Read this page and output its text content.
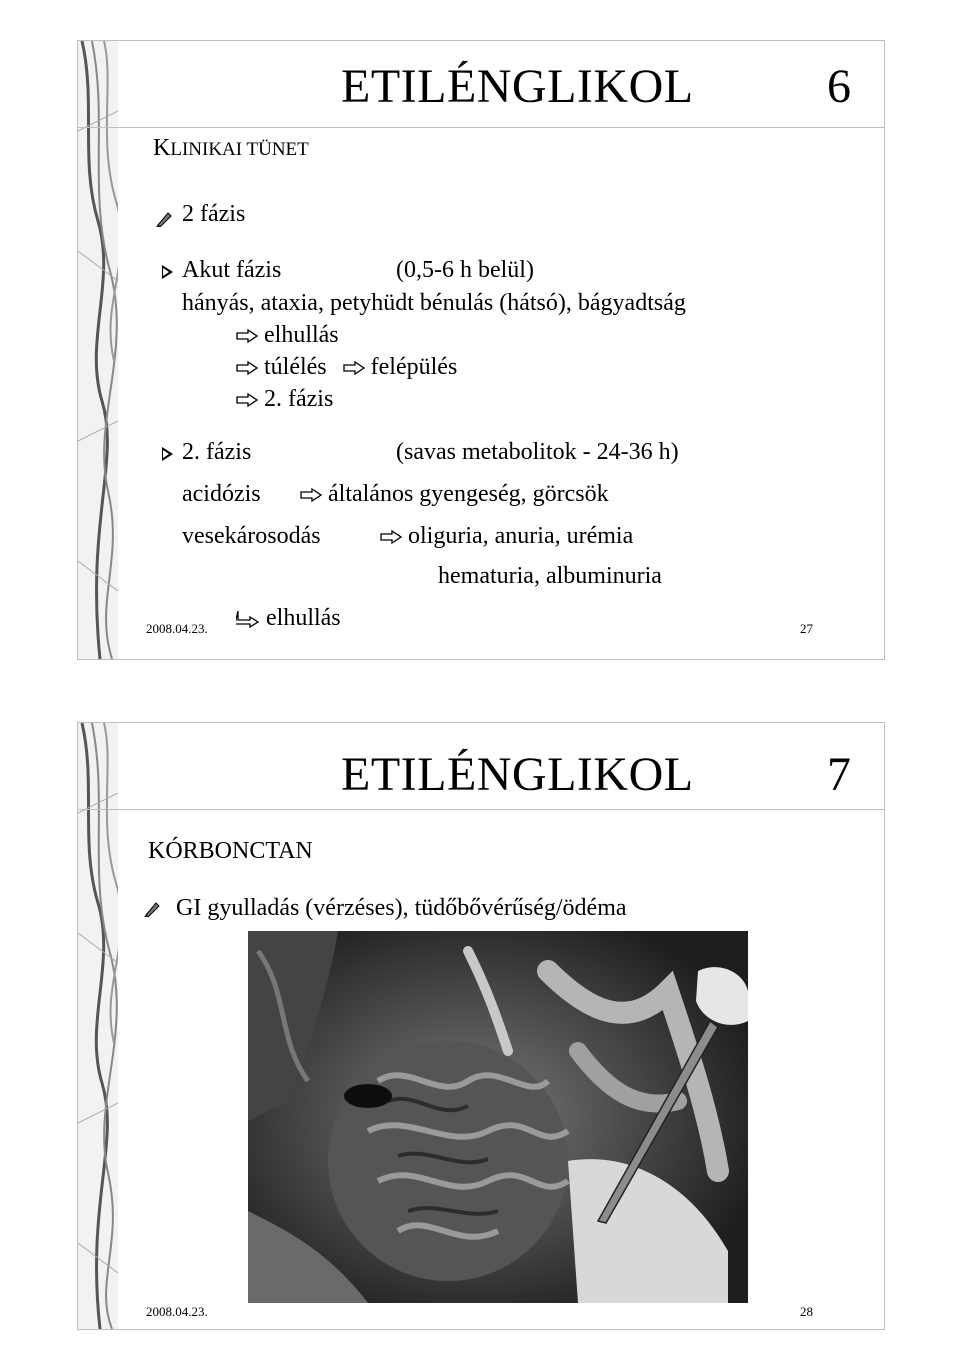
ETILÉNGLIKOL	6
KLINIKAI TÜNET
2 fázis
Akut fázis	(0,5-6 h belül)
hányás, ataxia, petyhüdt bénulás (hátsó), bágyadtság
elhullás
túlélés felépülés
2. fázis
2. fázis	(savas metabolitok - 24-36 h)
acidózis	általános gyengeség, görcsök
vesekárosodás	oliguria, anuria, urémia
hematuria, albuminuria
elhullás
2008.04.23.	27
ETILÉNGLIKOL	7
KÓRBONCTAN
GI gyulladás (vérzéses), tüdőbővérűség/ödéma
2008.04.23.	28
